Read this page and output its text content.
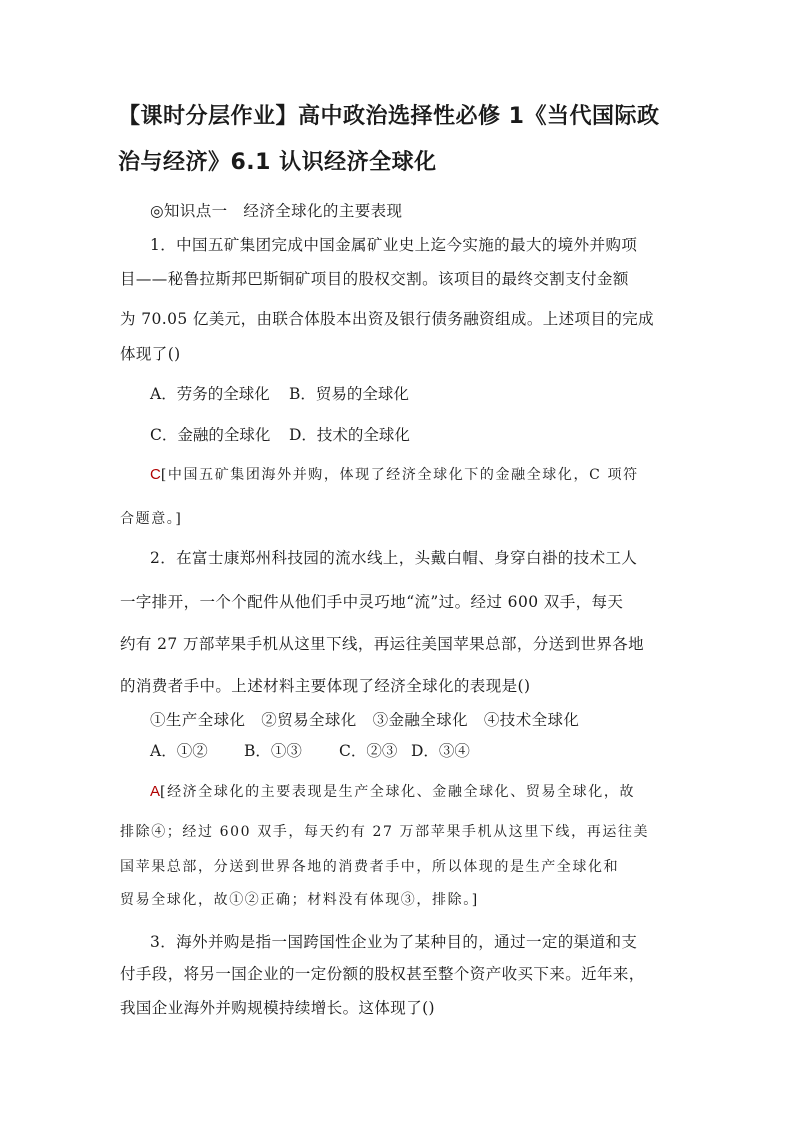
【课时分层作业】高中政治选择性必修 1《当代国际政
治与经济》6.1 认识经济全球化
◎知识点一　经济全球化的主要表现
1．中国五矿集团完成中国金属矿业史上迄今实施的最大的境外并购项
目——秘鲁拉斯邦巴斯铜矿项目的股权交割。该项目的最终交割支付金额
为 70.05 亿美元，由联合体股本出资及银行债务融资组成。上述项目的完成
体现了()
A．劳务的全球化 B．贸易的全球化
C．金融的全球化 D．技术的全球化
C[中国五矿集团海外并购，体现了经济全球化下的金融全球化，C 项符
合题意。]
2．在富士康郑州科技园的流水线上，头戴白帽、身穿白褂的技术工人
一字排开，一个个配件从他们手中灵巧地“流”过。经过 600 双手，每天
约有 27 万部苹果手机从这里下线，再运往美国苹果总部，分送到世界各地
的消费者手中。上述材料主要体现了经济全球化的表现是()
①生产全球化　②贸易全球化　③金融全球化　④技术全球化
A．①② B．①③ C．②③ D．③④
A[经济全球化的主要表现是生产全球化、金融全球化、贸易全球化，故
排除④；经过 600 双手，每天约有 27 万部苹果手机从这里下线，再运往美
国苹果总部，分送到世界各地的消费者手中，所以体现的是生产全球化和
贸易全球化，故①②正确；材料没有体现③，排除。]
3．海外并购是指一国跨国性企业为了某种目的，通过一定的渠道和支
付手段，将另一国企业的一定份额的股权甚至整个资产收买下来。近年来，
我国企业海外并购规模持续增长。这体现了()
